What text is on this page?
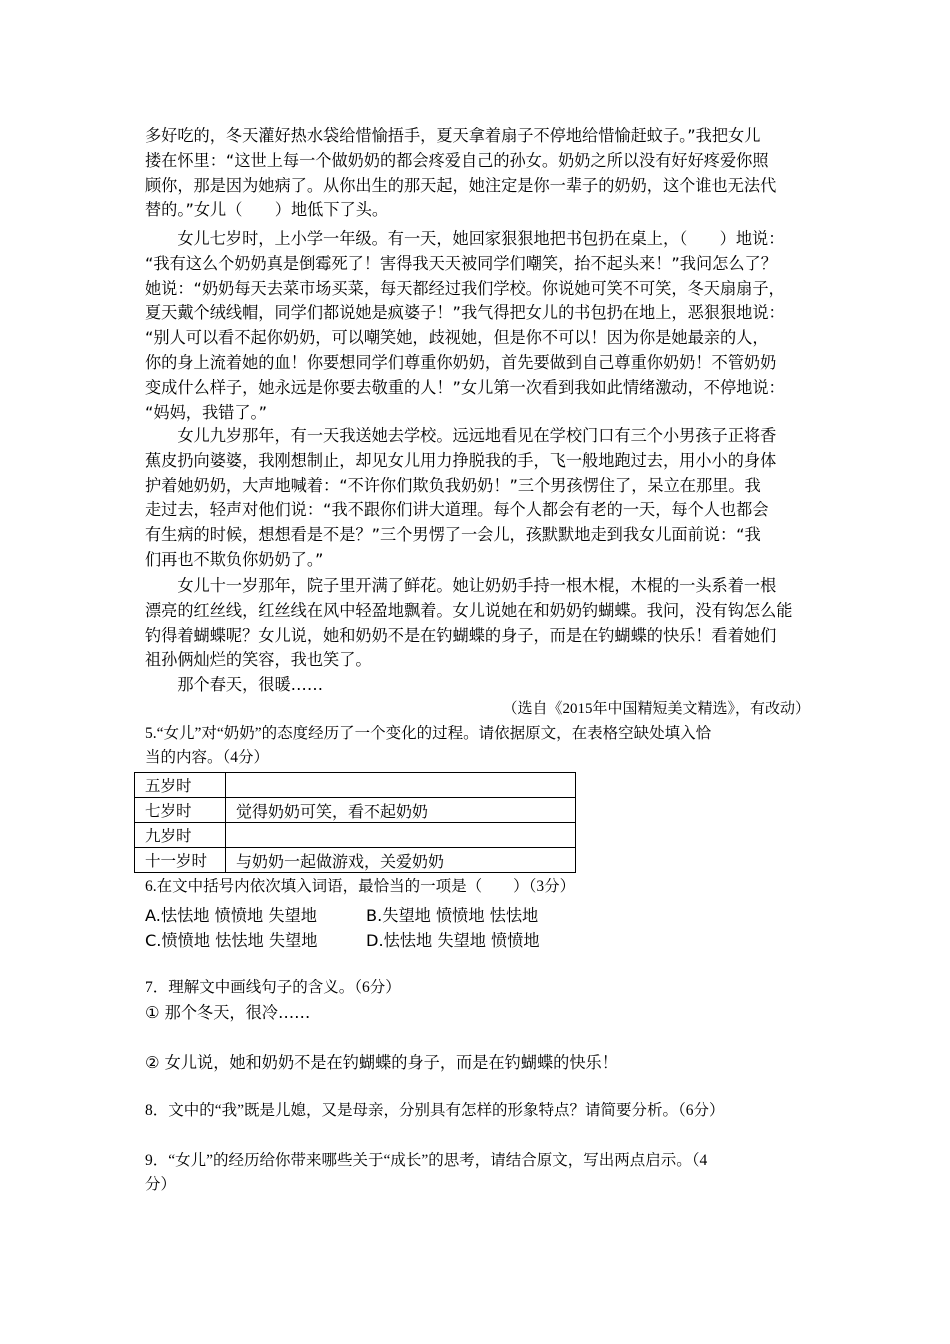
多好吃的，冬天灌好热水袋给惜愉捂手，夏天拿着扇子不停地给惜愉赶蚊子。”我把女儿
搂在怀里：“这世上每一个做奶奶的都会疼爱自己的孙女。奶奶之所以没有好好疼爱你照
顾你，那是因为她病了。从你出生的那天起，她注定是你一辈子的奶奶，这个谁也无法代
替的。”女儿（　　）地低下了头。
　　女儿七岁时，上小学一年级。有一天，她回家狠狠地把书包扔在桌上，（　　）地说：
“我有这么个奶奶真是倒霉死了！害得我天天被同学们嘲笑，抬不起头来！”我问怎么了？
她说：“奶奶每天去菜市场买菜，每天都经过我们学校。你说她可笑不可笑，冬天扇扇子，
夏天戴个绒线帽，同学们都说她是疯婆子！”我气得把女儿的书包扔在地上，恶狠狠地说：
“别人可以看不起你奶奶，可以嘲笑她，歧视她，但是你不可以！因为你是她最亲的人，
你的身上流着她的血！你要想同学们尊重你奶奶，首先要做到自己尊重你奶奶！不管奶奶
变成什么样子，她永远是你要去敬重的人！”女儿第一次看到我如此情绪激动，不停地说：
“妈妈，我错了。”
　　女儿九岁那年，有一天我送她去学校。远远地看见在学校门口有三个小男孩子正将香
蕉皮扔向婆婆，我刚想制止，却见女儿用力挣脱我的手，飞一般地跑过去，用小小的身体
护着她奶奶，大声地喊着：“不许你们欺负我奶奶！”三个男孩愣住了，呆立在那里。我
走过去，轻声对他们说：“我不跟你们讲大道理。每个人都会有老的一天，每个人也都会
有生病的时候，想想看是不是？”三个男愣了一会儿，孩默默地走到我女儿面前说：“我
们再也不欺负你奶奶了。”
　　女儿十一岁那年，院子里开满了鲜花。她让奶奶手持一根木棍，木棍的一头系着一根
漂亮的红丝线，红丝线在风中轻盈地飘着。女儿说她在和奶奶钓蝴蝶。我问，没有钩怎么能
钓得着蝴蝶呢？女儿说，她和奶奶不是在钓蝴蝶的身子，而是在钓蝴蝶的快乐！看着她们
祖孙俩灿烂的笑容，我也笑了。
　　那个春天，很暖……
（选自《2015年中国精短美文精选》，有改动）
5.“女儿”对“奶奶”的态度经历了一个变化的过程。请依据原文，在表格空缺处填入恰
当的内容。（4分）
五岁时	
七岁时	觉得奶奶可笑，看不起奶奶
九岁时	
十一岁时	与奶奶一起做游戏，关爱奶奶
6.在文中括号内依次填入词语，最恰当的一项是（　　）（3分）
A.怯怯地 愤愤地 失望地	B.失望地 愤愤地 怯怯地
C.愤愤地 怯怯地 失望地	D.怯怯地 失望地 愤愤地
7．理解文中画线句子的含义。（6分）
① 那个冬天，很冷……
② 女儿说，她和奶奶不是在钓蝴蝶的身子，而是在钓蝴蝶的快乐！
8．文中的“我”既是儿媳，又是母亲，分别具有怎样的形象特点？请简要分析。（6分）
9．“女儿”的经历给你带来哪些关于“成长”的思考，请结合原文，写出两点启示。（4
分）
